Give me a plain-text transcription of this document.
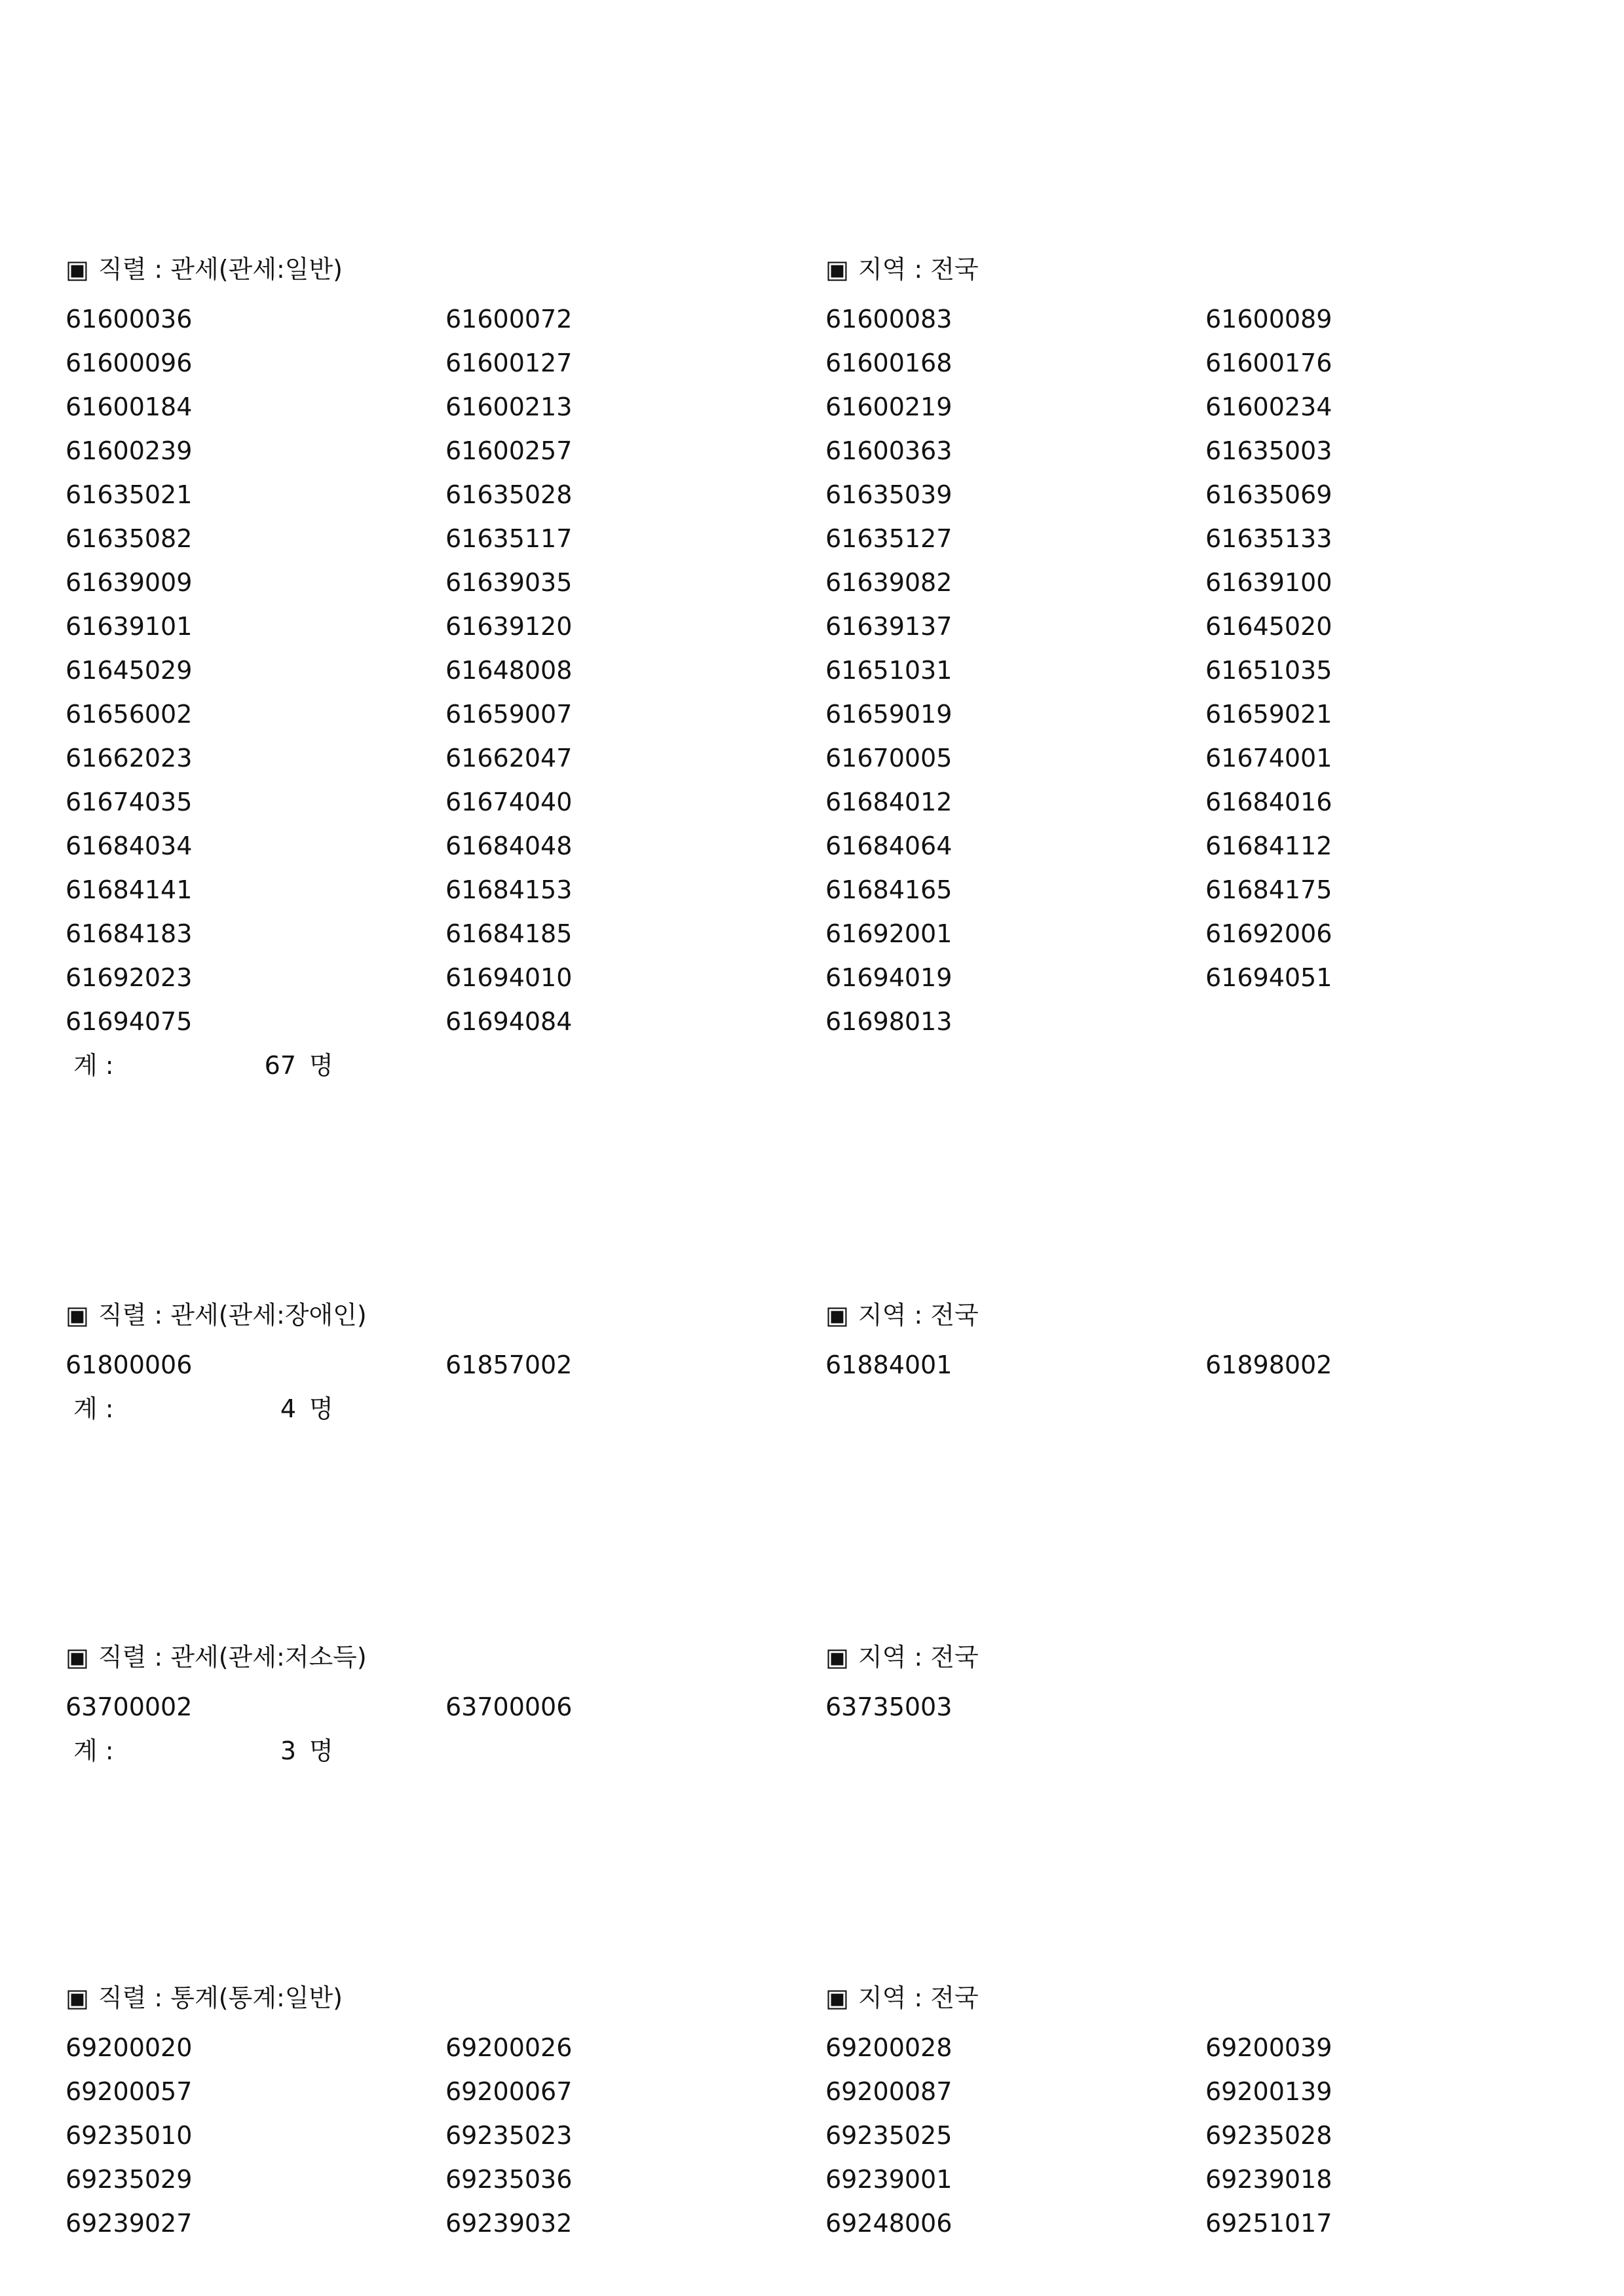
▣ 직렬 : 관세(관세:일반)	▣ 지역 : 전국
61600036	61600072	61600083	61600089
61600096	61600127	61600168	61600176
61600184	61600213	61600219	61600234
61600239	61600257	61600363	61635003
61635021	61635028	61635039	61635069
61635082	61635117	61635127	61635133
61639009	61639035	61639082	61639100
61639101	61639120	61639137	61645020
61645029	61648008	61651031	61651035
61656002	61659007	61659019	61659021
61662023	61662047	61670005	61674001
61674035	61674040	61684012	61684016
61684034	61684048	61684064	61684112
61684141	61684153	61684165	61684175
61684183	61684185	61692001	61692006
61692023	61694010	61694019	61694051
61694075	61694084	61698013
계 :	67 명
▣ 직렬 : 관세(관세:장애인)	▣ 지역 : 전국
61800006	61857002	61884001	61898002
계 :	4 명
▣ 직렬 : 관세(관세:저소득)	▣ 지역 : 전국
63700002	63700006	63735003
계 :	3 명
▣ 직렬 : 통계(통계:일반)	▣ 지역 : 전국
69200020	69200026	69200028	69200039
69200057	69200067	69200087	69200139
69235010	69235023	69235025	69235028
69235029	69235036	69239001	69239018
69239027	69239032	69248006	69251017
